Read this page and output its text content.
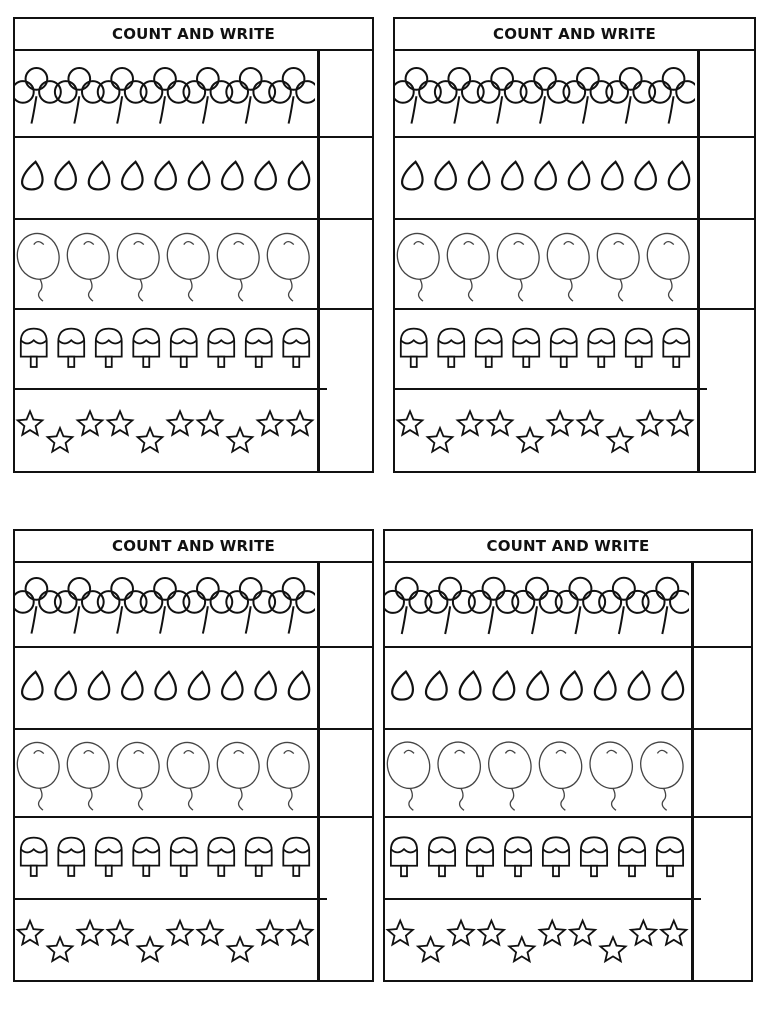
COUNT AND WRITE	COUNT AND WRITE
COUNT AND WRITE	COUNT AND WRITE
